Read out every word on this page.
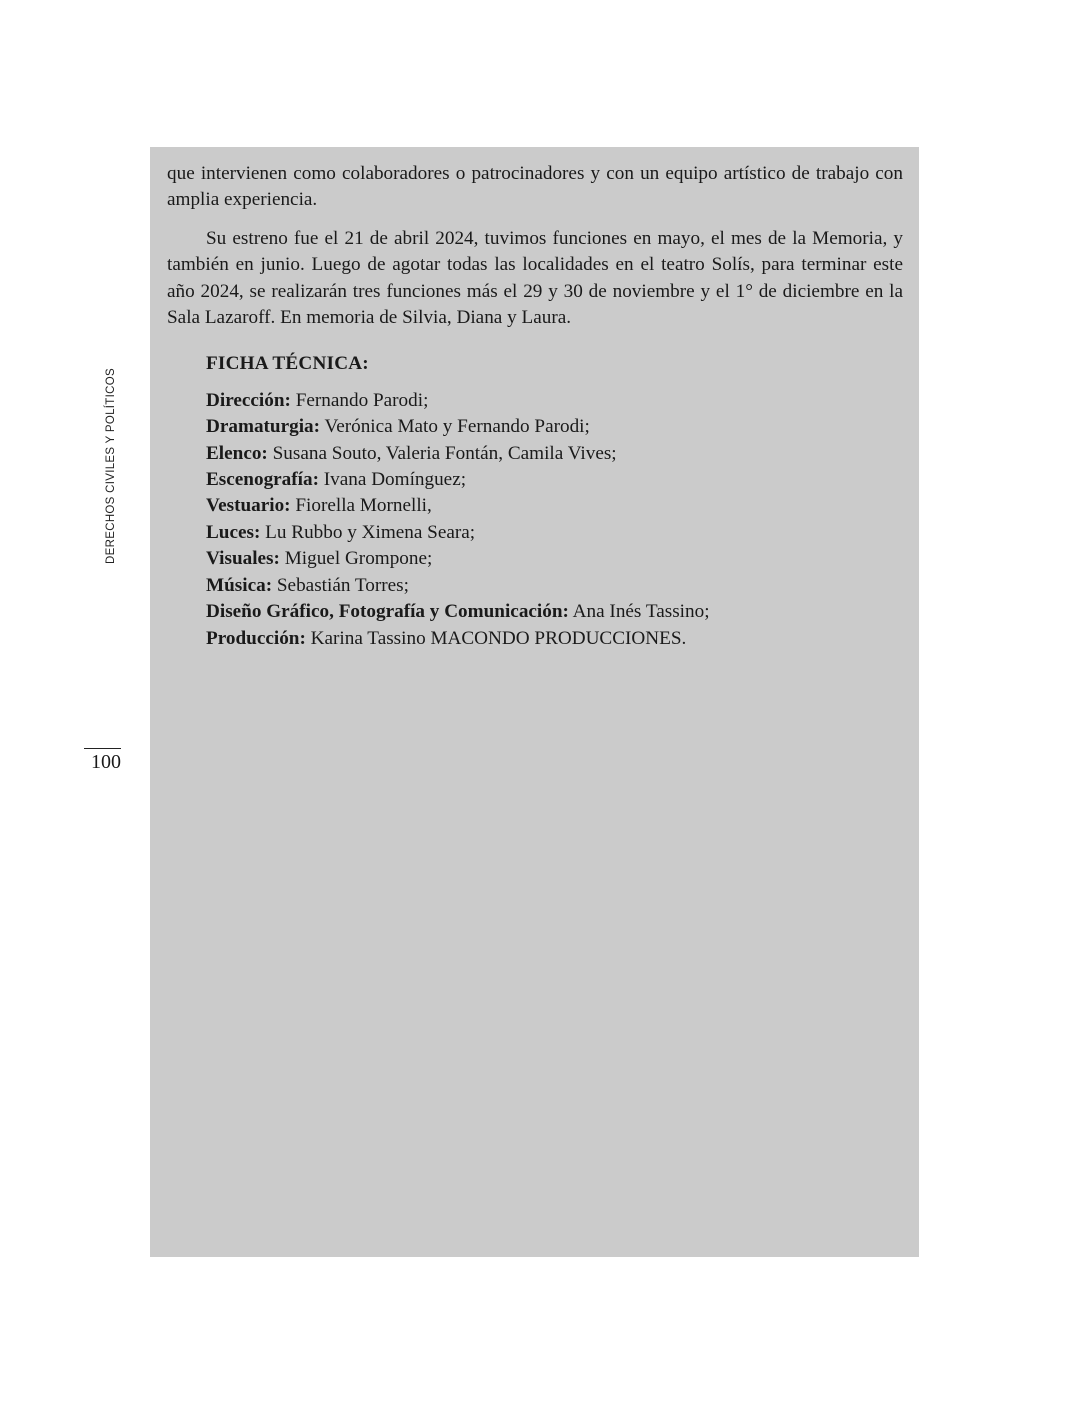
DERECHOS CIVILES Y POLÍTICOS
100

que intervienen como colaboradores o patrocinadores y con un equipo artístico de trabajo con amplia experiencia.

Su estreno fue el 21 de abril 2024, tuvimos funciones en mayo, el mes de la Memoria, y también en junio. Luego de agotar todas las localidades en el teatro Solís, para terminar este año 2024, se realizarán tres funciones más el 29 y 30 de noviembre y el 1° de diciembre en la Sala Lazaroff. En memoria de Silvia, Diana y Laura.

FICHA TÉCNICA:
Dirección: Fernando Parodi;
Dramaturgia: Verónica Mato y Fernando Parodi;
Elenco: Susana Souto, Valeria Fontán, Camila Vives;
Escenografía: Ivana Domínguez;
Vestuario: Fiorella Mornelli,
Luces: Lu Rubbo y Ximena Seara;
Visuales: Miguel Grompone;
Música: Sebastián Torres;
Diseño Gráfico, Fotografía y Comunicación: Ana Inés Tassino;
Producción: Karina Tassino MACONDO PRODUCCIONES.
